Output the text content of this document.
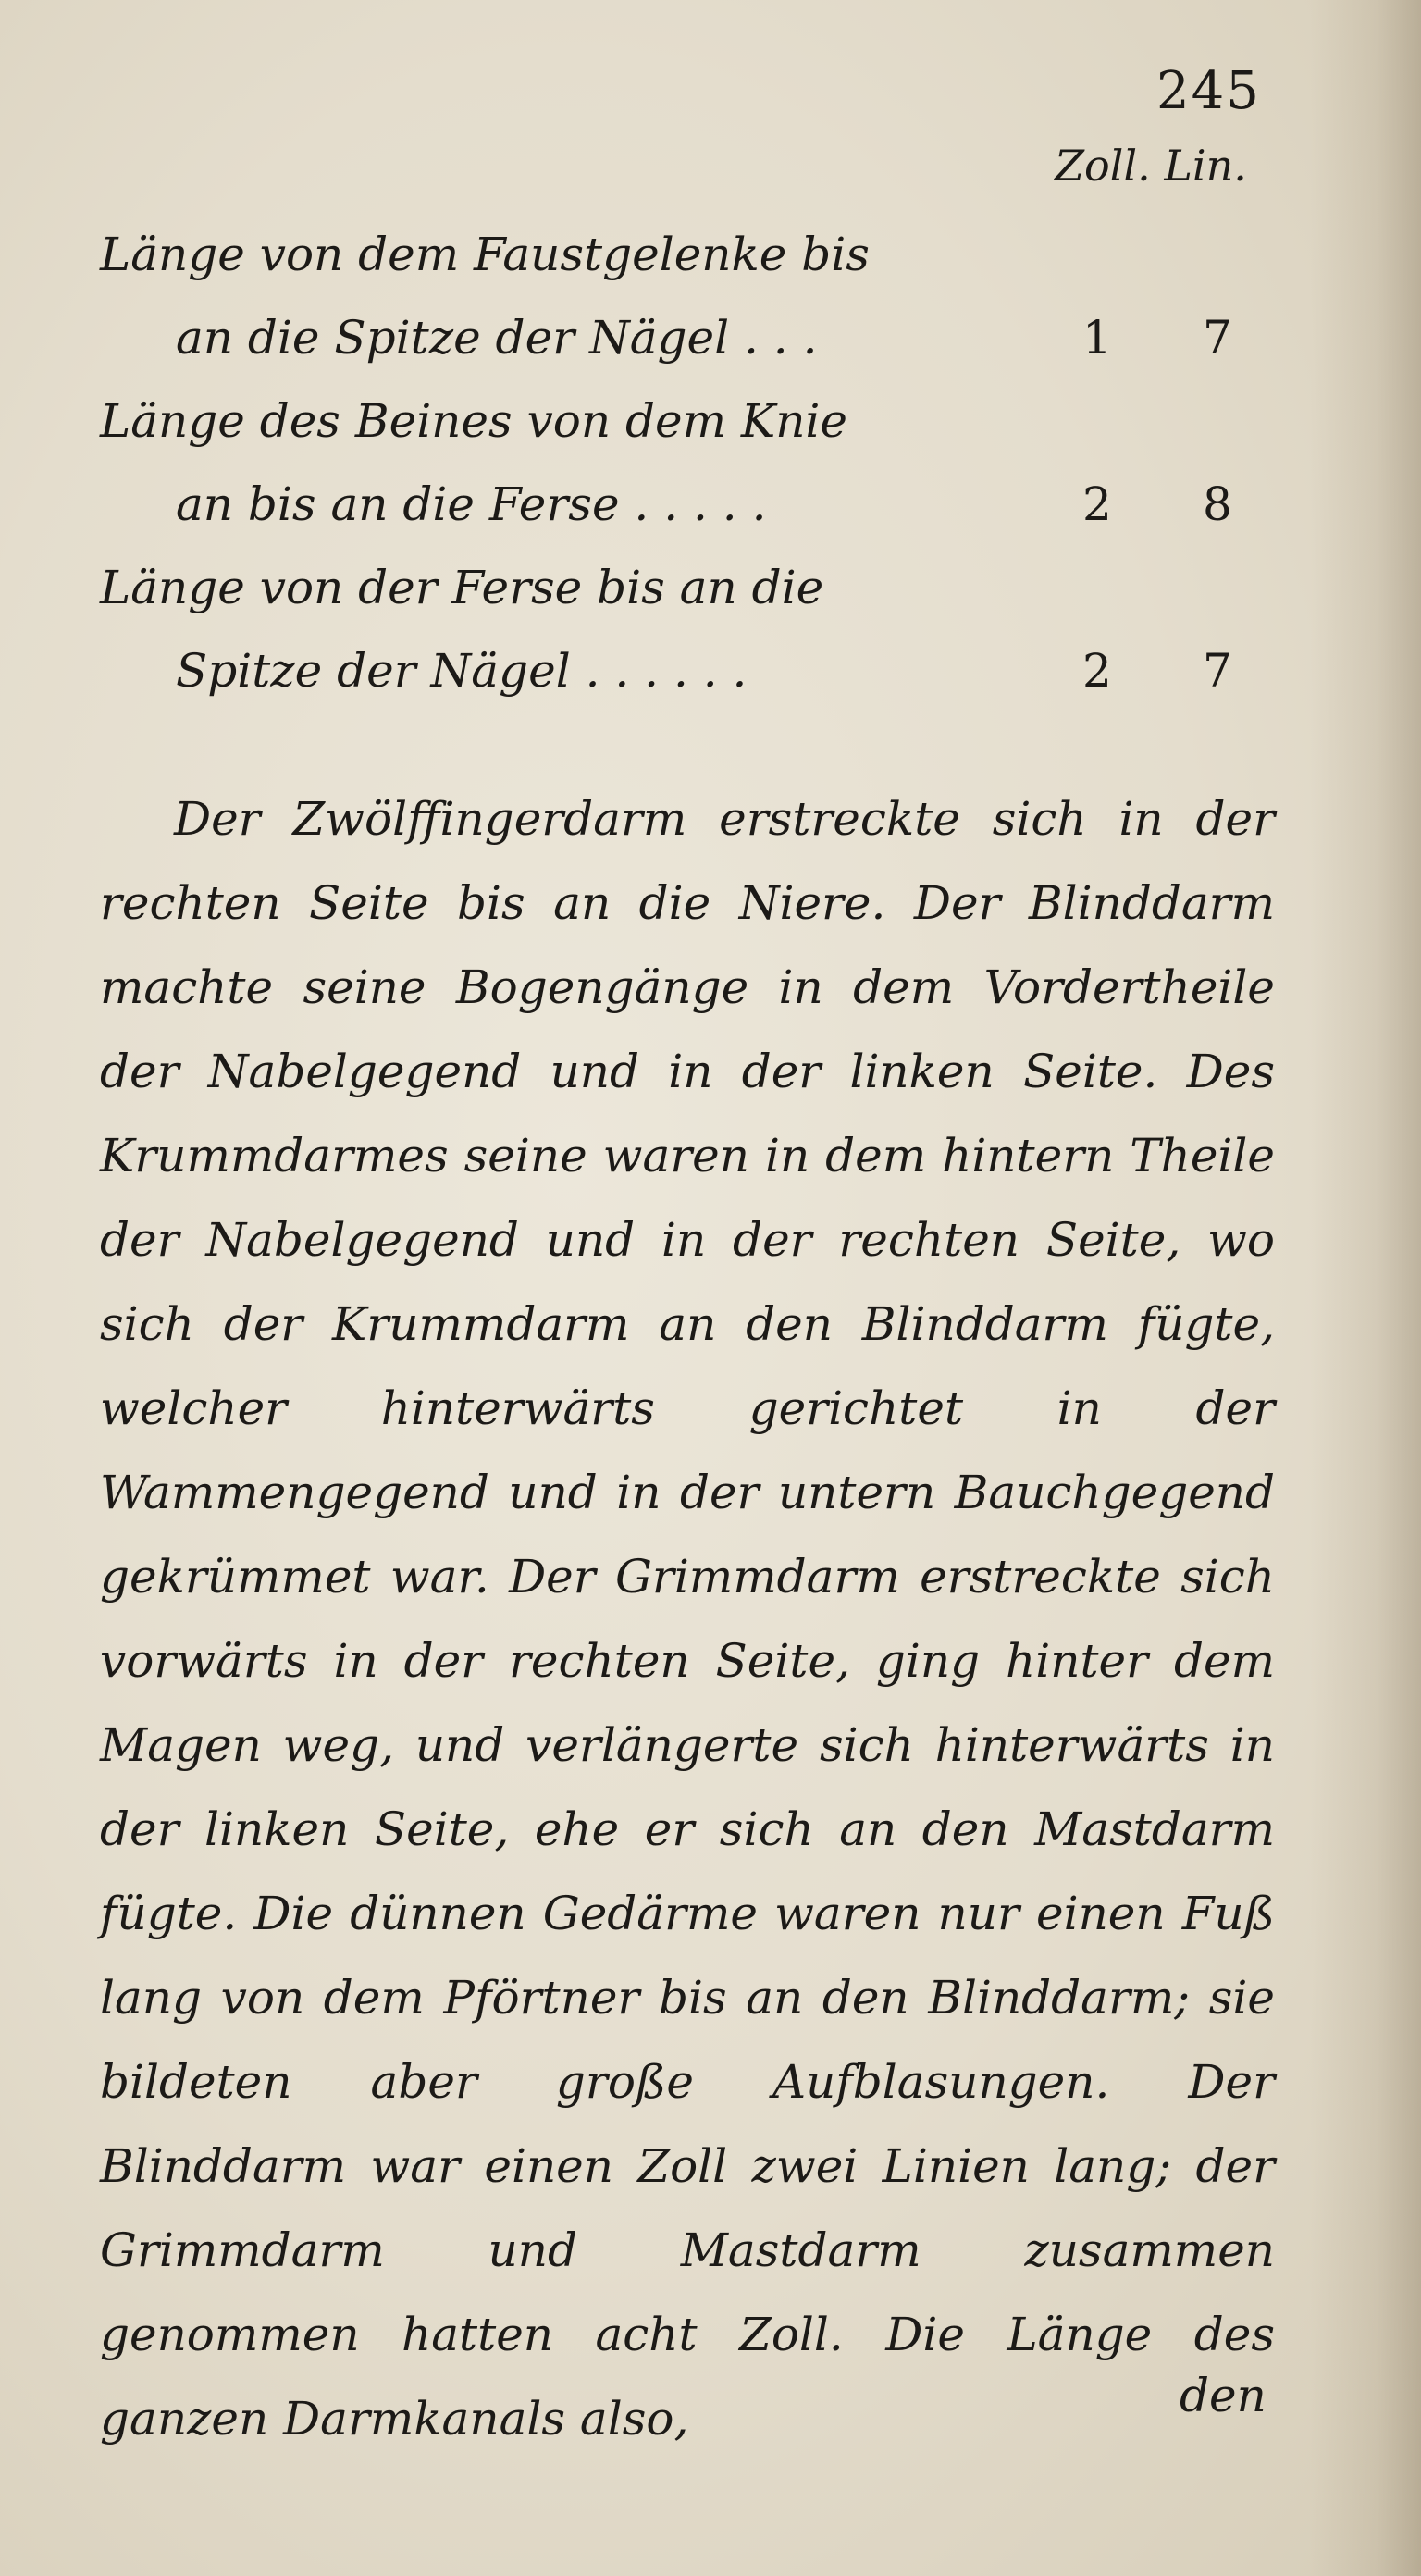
245
Zoll. Lin.
Länge von dem Faustgelenke bis
an die Spitze der Nägel . . .	1 7
Länge des Beines von dem Knie
an bis an die Ferse . . . . .	2 8
Länge von der Ferse bis an die
Spitze der Nägel . . . . . .	2 7

Der Zwölffingerdarm erstreckte sich in der rechten Seite bis an die Niere. Der Blinddarm machte seine Bogengänge in dem Vordertheile der Nabelgegend und in der linken Seite. Des Krummdarmes seine waren in dem hintern Theile der Nabelgegend und in der rechten Seite, wo sich der Krummdarm an den Blinddarm fügte, welcher hinterwärts gerichtet in der Wammengegend und in der untern Bauchgegend gekrümmet war. Der Grimmdarm erstreckte sich vorwärts in der rechten Seite, ging hinter dem Magen weg, und verlängerte sich hinterwärts in der linken Seite, ehe er sich an den Mastdarm fügte. Die dünnen Gedärme waren nur einen Fuß lang von dem Pförtner bis an den Blinddarm; sie bildeten aber große Aufblasungen. Der Blinddarm war einen Zoll zwei Linien lang; der Grimmdarm und Mastdarm zusammen genommen hatten acht Zoll. Die Länge des ganzen Darmkanals also,	den
